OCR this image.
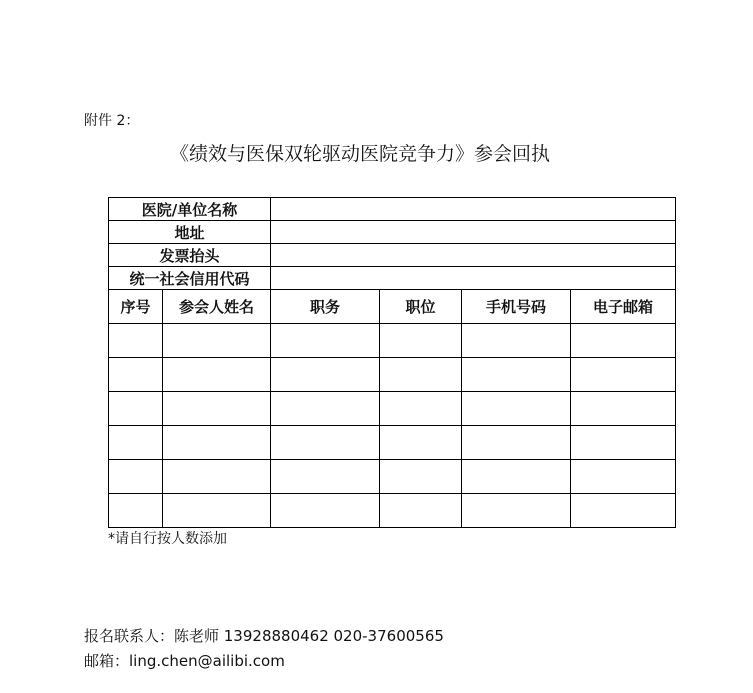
附件 2：
《绩效与医保双轮驱动医院竞争力》参会回执
医院/单位名称					
地址					
发票抬头					
统一社会信用代码					
序号	参会人姓名	职务	职位	手机号码	电子邮箱

*请自行按人数添加
报名联系人：陈老师 13928880462 020-37600565
邮箱：ling.chen@ailibi.com
